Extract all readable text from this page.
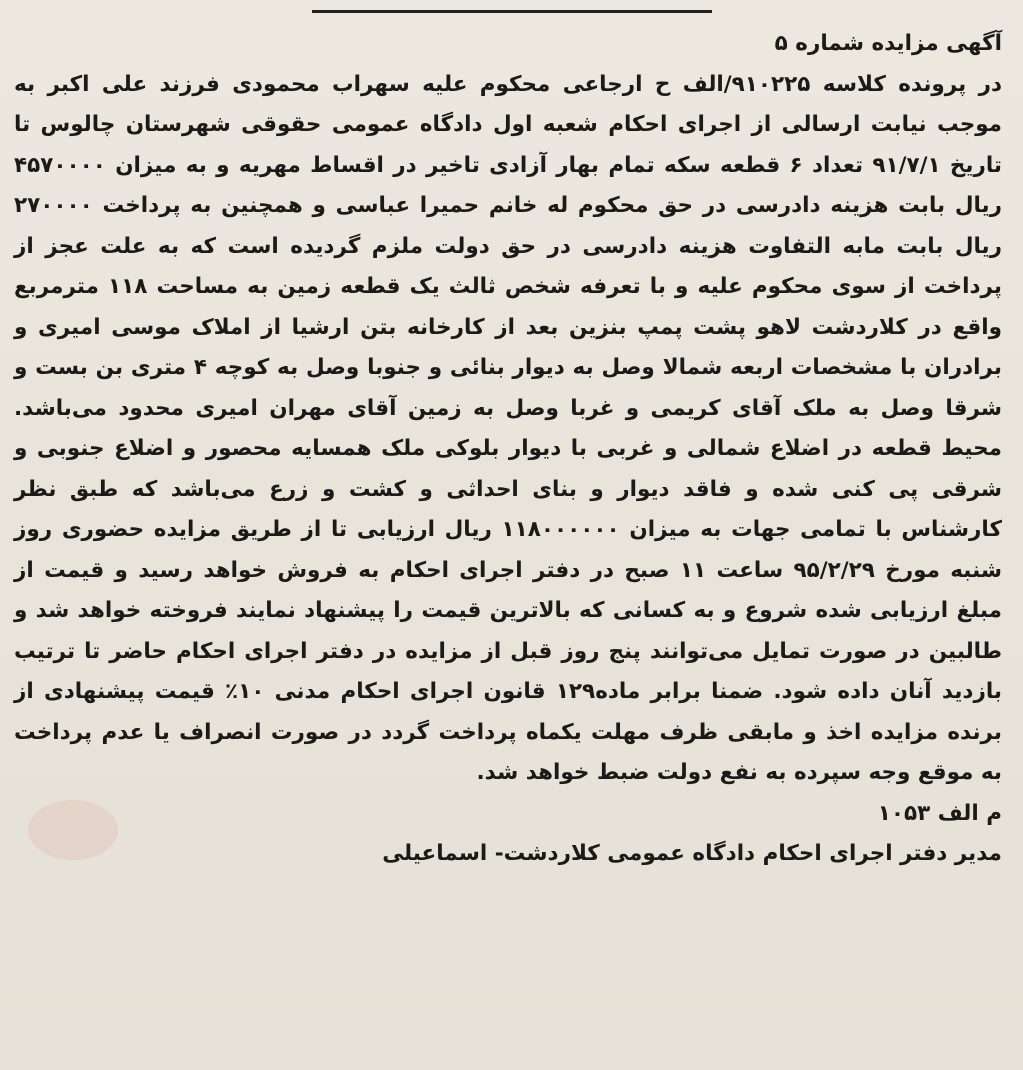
آگهی مزایده شماره ۵

در پرونده کلاسه ۹۱۰۲۲۵/الف ح ارجاعی محکوم علیه سهراب محمودی فرزند علی اکبر به موجب نیابت ارسالی از اجرای احکام شعبه اول دادگاه عمومی حقوقی شهرستان چالوس تا تاریخ ۹۱/۷/۱ تعداد ۶ قطعه سکه تمام بهار آزادی تاخیر در اقساط مهریه و به میزان ۴۵۷۰۰۰۰ ریال بابت هزینه دادرسی در حق محکوم له خانم حمیرا عباسی و همچنین به پرداخت ۲۷۰۰۰۰ ریال بابت مابه التفاوت هزینه دادرسی در حق دولت ملزم گردیده است که به علت عجز از پرداخت از سوی محکوم علیه و با تعرفه شخص ثالث یک قطعه زمین به مساحت ۱۱۸ مترمربع واقع در کلاردشت لاهو پشت پمپ بنزین بعد از کارخانه بتن ارشیا از املاک موسی امیری و برادران با مشخصات اربعه شمالا وصل به دیوار بنائی و جنوبا وصل به کوچه ۴ متری بن بست و شرقا وصل به ملک آقای کریمی و غربا وصل به زمین آقای مهران امیری محدود می‌باشد. محیط قطعه در اضلاع شمالی و غربی با دیوار بلوکی ملک همسایه محصور و اضلاع جنوبی و شرقی پی کنی شده و فاقد دیوار و بنای احداثی و کشت و زرع می‌باشد که طبق نظر کارشناس با تمامی جهات به میزان ۱۱۸۰۰۰۰۰۰ ریال ارزیابی تا از طریق مزایده حضوری روز شنبه مورخ ۹۵/۲/۲۹ ساعت ۱۱ صبح در دفتر اجرای احکام به فروش خواهد رسید و قیمت از مبلغ ارزیابی شده شروع و به کسانی که بالاترین قیمت را پیشنهاد نمایند فروخته خواهد شد و طالبین در صورت تمایل می‌توانند پنج روز قبل از مزایده در دفتر اجرای احکام حاضر تا ترتیب بازدید آنان داده شود. ضمنا برابر ماده۱۲۹ قانون اجرای احکام مدنی ۱۰٪ قیمت پیشنهادی از برنده مزایده اخذ و مابقی ظرف مهلت یکماه پرداخت گردد در صورت انصراف یا عدم پرداخت به موقع وجه سپرده به نفع دولت ضبط خواهد شد.

م الف ۱۰۵۳

مدیر دفتر اجرای احکام دادگاه عمومی کلاردشت- اسماعیلی
